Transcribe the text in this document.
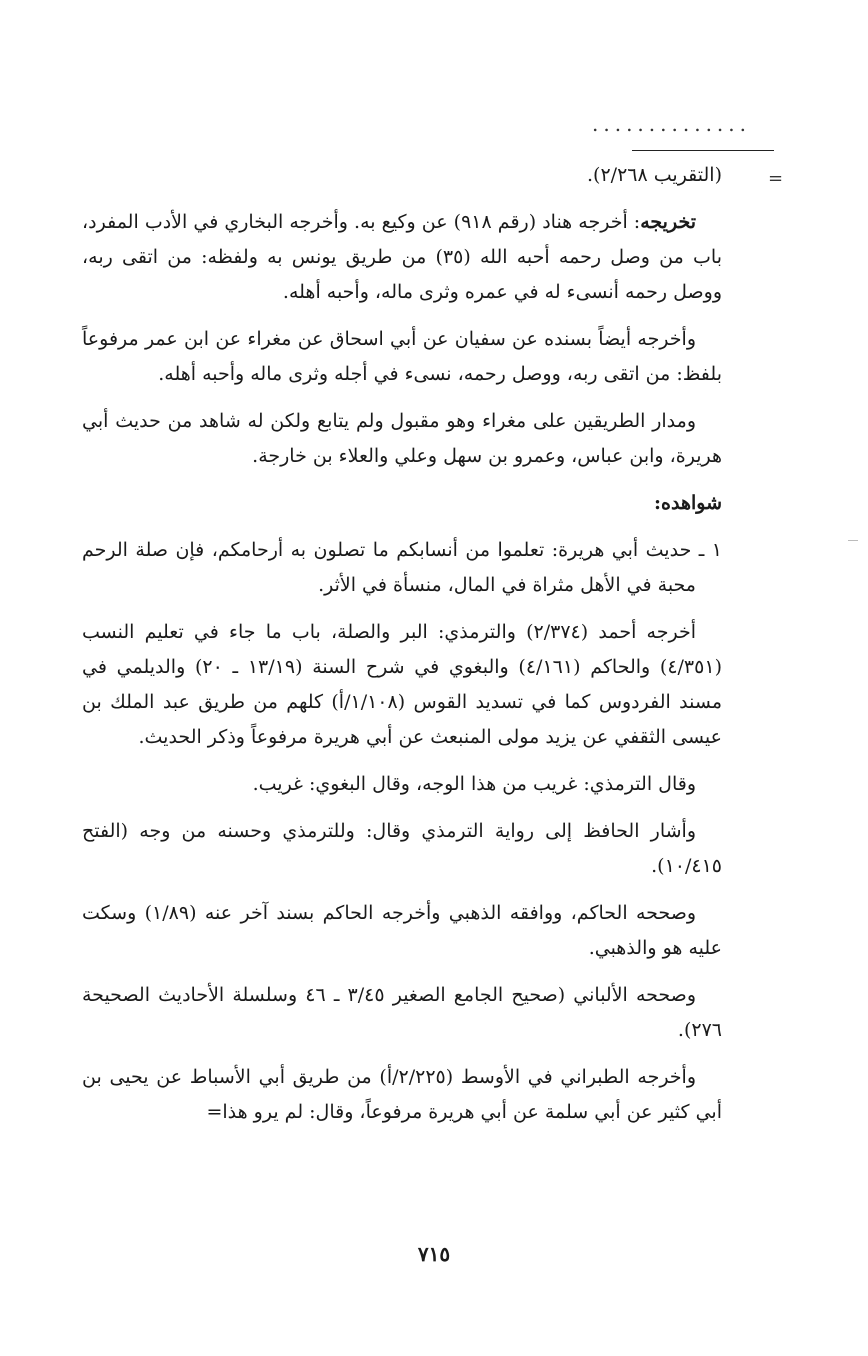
..............
=

(التقريب ٢/٢٦٨).

تخريجه: أخرجه هناد (رقم ٩١٨) عن وكيع به. وأخرجه البخاري في الأدب المفرد، باب من وصل رحمه أحبه الله (٣٥) من طريق يونس به ولفظه: من اتقى ربه، ووصل رحمه أنسىء له في عمره وثرى ماله، وأحبه أهله.

وأخرجه أيضاً بسنده عن سفيان عن أبي اسحاق عن مغراء عن ابن عمر مرفوعاً بلفظ: من اتقى ربه، ووصل رحمه، نسىء في أجله وثرى ماله وأحبه أهله.

ومدار الطريقين على مغراء وهو مقبول ولم يتابع ولكن له شاهد من حديث أبي هريرة، وابن عباس، وعمرو بن سهل وعلي والعلاء بن خارجة.

شواهده:

١ ـ حديث أبي هريرة: تعلموا من أنسابكم ما تصلون به أرحامكم، فإن صلة الرحم محبة في الأهل مثراة في المال، منسأة في الأثر.

أخرجه أحمد (٢/٣٧٤) والترمذي: البر والصلة، باب ما جاء في تعليم النسب (٤/٣٥١) والحاكم (٤/١٦١) والبغوي في شرح السنة (١٣/١٩ ـ ٢٠) والديلمي في مسند الفردوس كما في تسديد القوس (١/١٠٨/أ) كلهم من طريق عبد الملك بن عيسى الثقفي عن يزيد مولى المنبعث عن أبي هريرة مرفوعاً وذكر الحديث.

وقال الترمذي: غريب من هذا الوجه، وقال البغوي: غريب.

وأشار الحافظ إلى رواية الترمذي وقال: وللترمذي وحسنه من وجه (الفتح ١٠/٤١٥).

وصححه الحاكم، ووافقه الذهبي وأخرجه الحاكم بسند آخر عنه (١/٨٩) وسكت عليه هو والذهبي.

وصححه الألباني (صحيح الجامع الصغير ٣/٤٥ ـ ٤٦ وسلسلة الأحاديث الصحيحة ٢٧٦).

وأخرجه الطبراني في الأوسط (٢/٢٢٥/أ) من طريق أبي الأسباط عن يحيى بن أبي كثير عن أبي سلمة عن أبي هريرة مرفوعاً، وقال: لم يرو هذا=

٧١٥
